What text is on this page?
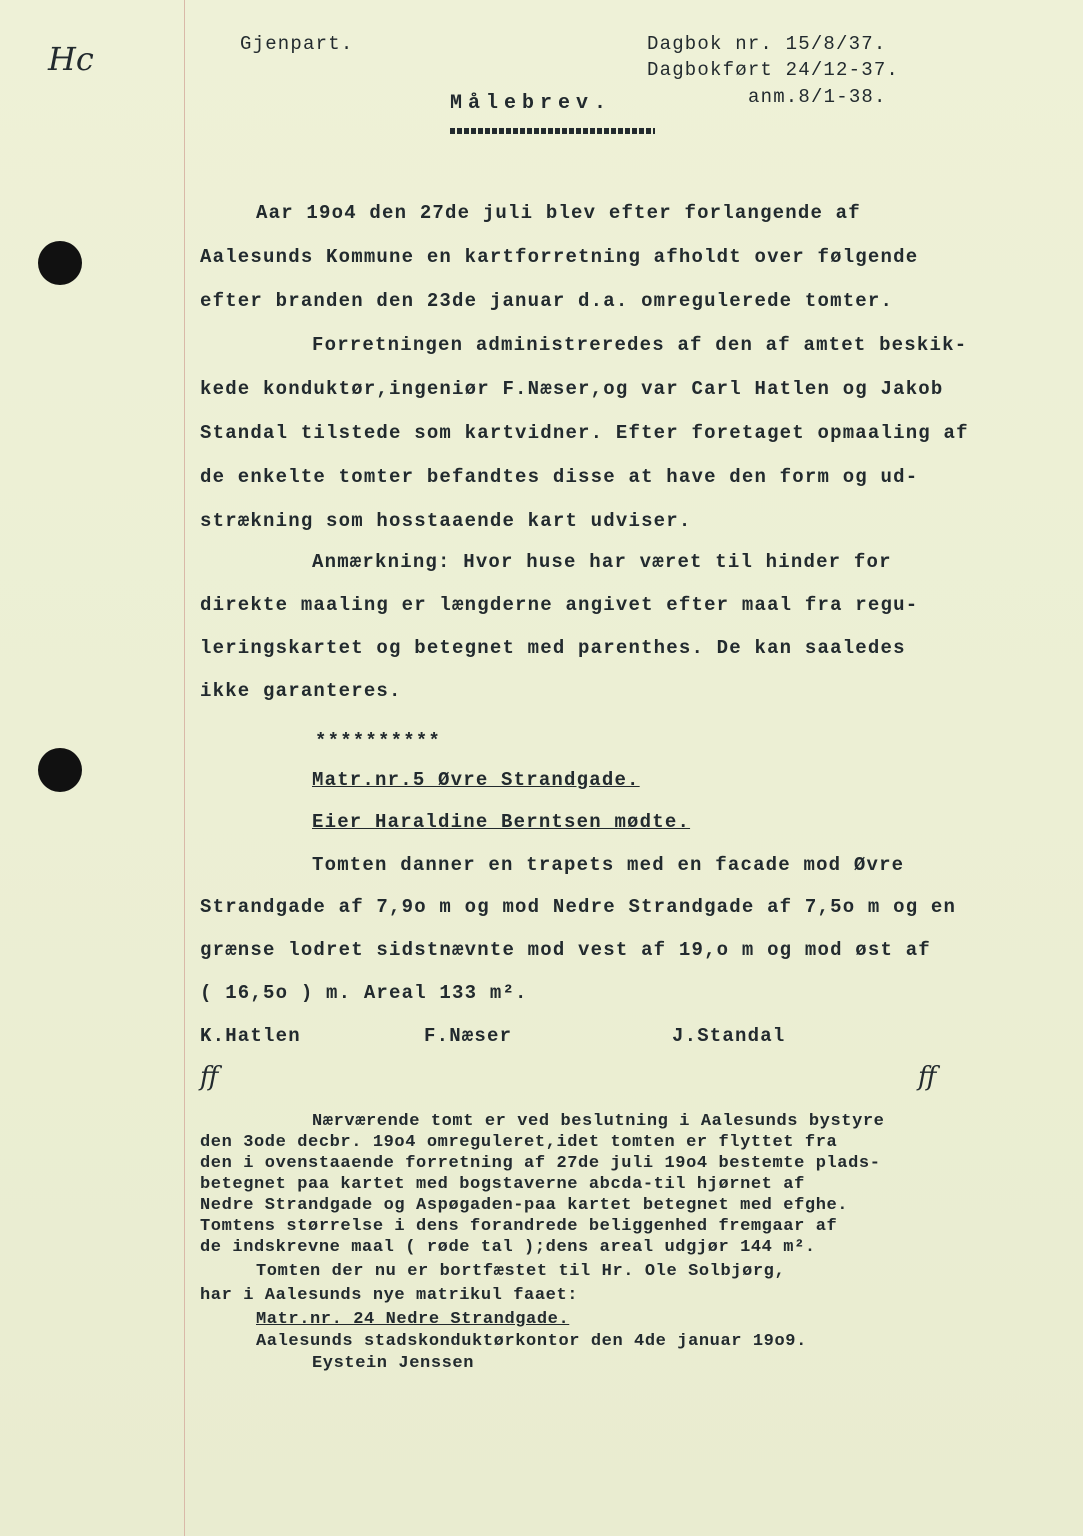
Hc	Gjenpart.	Dagbok nr. 15/8/37.
Dagbokført 24/12-37.
anm.8/1-38.
Målebrev.
Aar 19o4 den 27de juli blev efter forlangende af
Aalesunds Kommune en kartforretning afholdt over følgende
efter branden den 23de januar d.a. omregulerede tomter.
Forretningen administreredes af den af amtet beskik-
kede konduktør,ingeniør F.Næser,og var Carl Hatlen og Jakob
Standal tilstede som kartvidner. Efter foretaget opmaaling af
de enkelte tomter befandtes disse at have den form og ud-
strækning som hosstaaende kart udviser.
Anmærkning: Hvor huse har været til hinder for
direkte maaling er længderne angivet efter maal fra regu-
leringskartet og betegnet med parenthes. De kan saaledes
ikke garanteres.
**********
Matr.nr.5 Øvre Strandgade.
Eier Haraldine Berntsen mødte.
Tomten danner en trapets med en facade mod Øvre
Strandgade af 7,9o m og mod Nedre Strandgade af 7,5o m og en
grænse lodret sidstnævnte mod vest af 19,o m og mod øst af
( 16,5o ) m. Areal 133 m².
K.Hatlen	F.Næser	J.Standal
ff	ff
Nærværende tomt er ved beslutning i Aalesunds bystyre
den 3ode decbr. 19o4 omreguleret,idet tomten er flyttet fra
den i ovenstaaende forretning af 27de juli 19o4 bestemte plads-
betegnet paa kartet med bogstaverne abcda-til hjørnet af
Nedre Strandgade og Aspøgaden-paa kartet betegnet med efghe.
Tomtens størrelse i dens forandrede beliggenhed fremgaar af
de indskrevne maal ( røde tal );dens areal udgjør 144 m².
Tomten der nu er bortfæstet til Hr. Ole Solbjørg,
har i Aalesunds nye matrikul faaet:
Matr.nr. 24 Nedre Strandgade.
Aalesunds stadskonduktørkontor den 4de januar 19o9.
Eystein Jenssen
